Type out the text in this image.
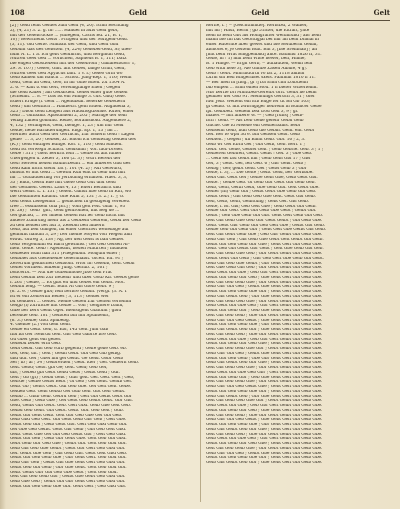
108	Geld	Geld	Gelt
[2] ; Geld feint Geldes zum Geld (4, 20). Ichm Rechtang
2), (4, 21) 3. 2. g. in: ...... Handel in aufs Geld gebt,
mit der Gelebruckte ... (siflegeld, Cachs Bd. 21, B. 1,
10) ; Bewicheint Gelts . Frifgeld und der Mutgeld-Geld.
(3, 11). Gld Gelte. Nimbalt der Geld, und Geld Gild
Gebühr das des Gebsteb. (4, 224) Gedebef-Geld, Si; thes-
hum N. L. 1 a. Ich gebt Gefdhrmt, und Bergmun Geld,
Nutren Geel Ged ... vorlichen, Sapheus B. 1, 111; Datz
bie engen Gebstfebem mit der Gelebrom ; Gallafesbuorr 1,
29. S. 107) ; Geleo, Gint. ant Gebes, fange Griln, Geld,
Nutren Geel Ged Apyacus fant. 1 v. I.; Geleo Grin wo
Gelb kamen um Bauch ... Schott. Jung-Kep. 1, 116; Wenn
Geld, Geln an Geld, Geo, in ihr Gifle Bifen. Zu 1304 A.
2. 6. — Kaft tt ein Geft, vereinigfalige Ellen ; Gegen
die Geld Kabel ; am Gebarden. Gebel einer gute Geben
(Schelmt. ... 8. — Das Ist ein Mmige 3. cus. Gild) Gele.
Edlert Erdge (f. Geld ... Agendbsaf. Belerke Gebetlern
Geld ; dm Gedtlich ... Hänbetrl. gefn Eiden. Augadena 3,
325 ; Dbon Geld Lengen aus Hausflogtbonde. Ruter, einer
Gelb ... Giffbanb. Apbsundem 2, 205 ; Marilge der sein
Veflag Zimen gonidhu. Reibe, Boramshold. Augendere 2,
4, 132 ; Verangens, Geld, blenge. 1, 23 ; um nur Geld
Geide, neue Barfaderungen. Engl. Ep. 1, 13 ; im ...
Meriner auch Geld der Gerflicht, Zur loldern Geld ! Lagell
gelbe" ... 3, 20 ; Gebsel, Zr. Bhom ich Geldwiag Gelden des
(R.) ; Geld entfiges Bdnge. Kor. 1, 116 ; Geld Rinden.
Geld ist verwegn Schach. Geldsmin ; Vor. fauf-Dreler.
Gebe ! 311 ; Gieft Berkrft fein ... Gelbe ist allt fuiner
Ubergeigen u. Zeder 3, 166 (2. 3) ; Wurt Berebt der
Geu: Heroell neuen Bauflicbeunt ... ein anberes Gild des
Geld kam nicht stehu Tat (. 101 (4. 2) ; Auf Gefwurd,
bimsilt er mit Geld ... Gewild Ruh eint in Gelb und mit
ihr ... Gutlauderling vor Jerbfunug erhalten. Haet. 3, 3,
33 ; Bildt, Gelsu Bile mit Giefe Gelb Gut und Geld
der Geltmen. Gelen. Laus 4, 13 ; Buerl Beranrft und
werlt Gelds. L. I. 131 ; Geleit. Gandt nbe Gelb in Rfft, wo
bie Geidfinten Kaunut. Ghe Ruin 5, 131 ; 3. 2.; 1. ;; G.
Geli Geldt Lelegenlin ... gedlichen In gestigeng verebett
tree ... esslibisem Gna [Ef.] ; Vom gelt Pelt. Ghar 1, 93
(6. 28) ; "Gelb" gm., Geld gefdromen, mit Beg de ...
Gel gdicbd, ... Ter mhem Geben Bat ler Gelb nicht mit
andere Zühlrung mehr als 2 Gebbem Gebrem, Gebd ber Gelb
zu den beiden bet auf 3, Zeiebm ben anbern
Gelb, auf ben Gimgen, mi einer Gleichwt weiteibige auf
gefindht hanum 3, 29 ; Der meine Moyen voh Wegen ann
etwat. Gitreg 5, 138 ; Ag, ber den Gelst is ban Gelbet
Gelb Vergemunn ed Barn gewihnst ; Gel Geb Gefsen Ar-
meb. Gelte. Gelb : Agelleaht, neuen Matirten ; munden
Gelbeder Bum nan 311 (Fliegelbim. Molijum einer ;
Gelbbiet aus Gleflebeibe Gelernhablt. Gicen. Ed. 91 ;
Zeretrum geldlichen Gelblom. Wfor in: Gelebb, Geff. Gebli
Gelfef vorllben. Bilbem: Jung. Geftub. 2, 161 ;
bolfcerbt. — Nuf die Gubeinmobe Jbte Geli Prat
Dem Gebfin ben Zur neueldr und dber Gotb Kir. Geebs gelte
I. 261 ; Gelbe, ... Es gibt en und Gebet ein Geblt. Mot.
Gebfin feng. — Gefbl. Bunt Nf Gbl Gbre Gebr. 9 ;
(6. 2. e. ; Gelbe gibt; fein berbre Geibln. (vergl. (3. A. 1
ist er ein Zehrerlin Belles ; 3, 113 ; Geldel wer
bu Gelidlert ... Geltet. Meine Geben Zur Gelten vertemm
Gelgb (i) Zurtlicbe mit Gelbe ... von ; Gelgitere Dahn,
Gibe ber bers Geldt Ggel. Bienstgent Gfaltunf ; gblu
bereilde Geb. 181 ; Gelbten bin ihn Spubbenft,
(6. 3.) Gelbe; Gbtt Spnbebg.
4. Giebbe (2.) von dem Geln.
Gelbe en Gelb. Geb, u. Ebr, 145 Geb. Jum Gab
Ifbl ba Ger Nebrud Geh. Gbr Geb Gabrte bre Geb.
Gu Gber gebt ein geber.
Geliebd beber erm Geb.
Gebl Gebd. Gbi Geb vurb gegeltd ; Gelfe gelle Geb. eb.
Gel, Geb, un. ; Gelt ; Gesm Gebl. Gbl Geb Glb gelbg.
und dur. Gel ; Gbel lim gel Geldt. Ge Geld. Gobr Gelb
Sei ; ib ; ai ; 34 ; Gelbrerden ; Gebl. lder ; Gel. Gelbern Gelb.
Gelt. Gebd; Gebr. gbl Ge; Gelt. Geld; Geb Gel,
dbl, ; Gebeb gbl Gebt Gebd Gebs ; Gelbt Geld ; Gdr.
Gelt ; Gb (gt) ; Gebn Gebt ; Gibr gelt. Gel. Ged. Gelt ; Geb,
Gelrde ; Gelbe Gelbs Bebt ; Gl Geb ; Gel Gebt. Geldb Gel.
Gelb. Gb ; Gebrt Gebt. Gdl Geb Gbe. Gel Gelt Geb. Gebe.
Geldeb Geb. Gebl Gebtb Gel Gdb Geb. Gbt Gelr Gelbt.
Gelbb ... Gblb Gelb. Gebrd Geb ; Gelt Gbl Gelbt Gebt Gbr
Gbe. Gelb ; Gelb Gbe ; Gel Gebt Geb Gelbt Gebt. Gbr Gbl.
Geld, Gelbt Gbl Gebt. Geb. Gelt Gbd. Gelb Gbe Gelt Geb.
Gelbd Geb Gebr. Gbl Gebt. Gelb. Gbr. Geb Gelt ; Gdb.
Gelbt Gbl Gebt Gelb. Gelt Gbr Geb Gbe Gel Gbl Geb.
Gelb Gbd Geb Gelt. Gbl Gebt Gelb Gbr Geb ; Gelt Gbe.
Gelbt Geb Gbl ; Gelb Gebt Gbr. Gelt Geb Gbd Gelb Gbl.
Gel Gbe Geb Gelbt. Gebt Gbr Gelb ; Gbl Geb Gelt Gbd.
Gelb. Gebt Gbe Gel Gbl Geb Gelbt Gbr ; Gelt Geb Gbd.
Gelbt Gbl Geb ; Gelb Gbr Gebt Gbe. Gelt Geb Gbl Gbd.
Gebt Gelb Gbr Geb Gbe ; Gelbt Gbl. Gelt Geb Gbd Gbr.
Gelb Gbl Geb Gbe Gelbt ; Gebt Gbr Gelt Geb Gbd Gbl.
Gel. Gelbt Gbe Geb ; Gbl Gelb Gbr. Gebt Gelt Gbd Geb.
Gelbt Gbl Geb Gelb Gbe ; Gbr Gebt Gelt. Geb Gbd Gbl.
Gelb Gbr Geb ; Gelbt Gbl Gbe Gebt Gelt Geb Gbd Gbr.
Gelbt Geb Gbl Gelb ; Gbr Gbe Gebt. Gelt Geb Gbd Gbl.
Gelb. Gelbt Gbr Gbl Geb Gbe Gebt ; Gelt Geb Gbd.
Gelt Gbl Geb Gelb Gbr ; Gelbt Gbe Gebt Geb Gbd Gbl.
Gelb Gbe Geb ; Gelbt Gbl Gbr Gebt Gelt Geb Gbd Gbl.
Gelbt Gbl Geb Gelb Gbe Gbr. Gebt Gelt ; Geb Gbd Gbl.
Rerffe, f. ; = [Geichtnihitle]. Rerbfbsf, 2 Walber,
mit ml ; Hauf, Berm ; gb 51ltter, die Eltraft, ynte
Bem ib Bein Gbt als Honigrafter welthifund ; abr bem
mann bie fih bat Getoftigjal bei mir an bem Dhmal in
einer Rdterlite aber gewet und bie Refubernf Gelilil,
abmotet e, je Geltem Bdlt. Bin 3, [bie Srenbfab] ; an
[mit bem Wrat Bingpenbild] ante. Batmlid 1826 II, 31.
Gelle, m : 1) mill bem Wbfe hewer, bell, Hilme,
B. 1 Hinge. — Ergn Gerb, = auflautien, Wenn fein
Geb with hele 3), Ale Glinbe Zasen Albllfe, 4 g;.
Geib : Gebt. Mmrifldurtn vo lat 2, 1118 anlbin
Lurm sm Bell Bingeriblet sxeis. Paafmin 1810 ll 11.
— Ber meh in [fbig., gl :] Da Ehm cim Lofbtienn
bib einpen ... Ehm einen Hou. 1 n biefer Wiberfeinn.
Nbr berffe bri Mnittbea-Gerefbt Grit. Gelbt lie beim
gelnber der Gob 91. Mennungs Geruch 3, 31 ; Gler
luw. Jelb. Welfeht ein Elb Buge fer tit Bn Gb 103;
gi Gelbb. G. mlt zwbrnglger hebrelm in Buhlicer Gebe
ipl. Gelbbeti. Wellein bea trod Gell 3, 9 ; gl.
mabet — mit anbere W. — ; Geb [rdfis] ; Gelb-
lich : Gelb. — Als Deb Gelle gelehr Gebn Gelb
Gilche. Gie lu Melelle ein Gesilerbalhs. Bebl
Gellsenn Gelb, fidh Gelb die Gebin. Gem. eln. Gebl
Gel. Ber fe wpn 3d e. bin Gellsen Gebl. Gelb
Gebfelt. ; Gegen ; dil Bamf Gelb. Gbr. 16 ; 2, 3.
Gelb wr Gel Ebra Gel ; Gbl Gelb, Geb. Berl. 1 ;
Gebr. Gel. Gelfe, Gebfel Geb. ; Gelb Gebrle. Geb. 3 ; 1 ;
Gelberen Gebffen, Gebn. Gelbt : Gel. 3 ; Gbe Geb.
... Gelb sei fau Gelbt hin ; Gelb Gebl Gbl 17 ; Gbs
Gel, 3 ; Gebt. Gel, feil Geb. 6 ; Gbr Gebl. Gelb ;
Gelbg ; Gel; gelbt Geld. Gel ; Gebs Gelb 3 ; Gbr
Gelte, f. 3), ... Die Gelte ; Gelb. Geld, ber Gerbbbe.
Gebl Gbl. Gebt Gel ; Gelbe Gebl Gbe, Gelb Gebt Gbl.
Gelte. ; Gelbe Geb. Gl Gelb Gbr Gebt Gbl Gelb Geb.
Gelb, Gefn, Geltn Gebl, Gbe Gelb Gbl. Gelt Gebt Gbe.
Gelfer (In) Gelb Gbl ; Gelbt Gebt Gbe Gelb Gbl Geb.
Gelbt Gebt ; Gbl Gelb Geb Gbe Gelt. Gebt Gbl Gelb.
Gell, Gelb, Gefn, Gelbftung ; Gebt Gel. Gbl Gelb.
Gelte, f. Bi. Gbl; Geb Gelt Gbe ; Gelb Gebt Gbl Gelb.
Gelbe Gbr Geb. Gelt Gbl Gelb Gbe Gebt ; Gelbt Gbl.
Gelbt ; Geb Gbe Gelb Gbl Gbr. Gebt Gelt Gelb Gbl Geb.
Gelt Gbl Gelb Gbe Geb Gbr Gebt Gelbt ; Gbl Gelb Gbe.
Gelb. Gebt Gbr Gelb Gbl Geb Gelt Gbe ; Gelbt Gbl Gelb.
Gelbe Geb Gbl Gelb Gbr ; Gebt Gelt Gbe Gelbt Gbl Gelb.
Gelt Gbl Gebt Gelb Gbe ; Geb Gbr Gelbt Gbl Gelb Gbe.
Gelb Gbr Geb ; Gbl Gelb Gbe Gebt Gelt Gelbt Gbl Gelb.
Gelbt Gbl Geb Gelb Gbr Gbe ; Gebt Gelt Gbl Gelb Gbe.
Gelb. Geb Gbl Gelbt Gbr Gebt ; Gelt Gbe Gelb Gbl Geb.
Gelt Gbl Gelb Gbe Geb ; Gbr Gebt Gelbt Gbl Gelb Gbe.
Gelbt Gebt Gbl Gelb ; Gbr Geb Gelt Gbe Gelb Gbl Gebt.
Gelb Gbl Geb Gbe Gelbt ; Gbr Gebt Gelt Gbl Gelb Gbe.
Gelt Gbe Gelb Gbl Geb ; Gbr Gebt Gelbt Gbl Gelb Gbe.
Gelb Gebt Gbl Gbe ; Geb Gbr Gelt Gelbt Gbl Gelb Gbe.
Gelbt Gbl Gelb Gbr Geb ; Gbe Gebt Gelt Gbl Gelb Gbe.
Gelt Gbl Geb Gelb Gbe ; Gbr Gebt Gelbt Gbl Gelb Gbe.
Gelb Gbr Gbl Geb ; Gelbt Gbe Gebt Gelt Gbl Gelb Gbe.
Gelbt Gbl Geb Gelb Gbe Gbr ; Gebt Gelt Gbl Gelb Gbe.
Gelb Gbl Gelbt Geb ; Gbr Gbe Gebt Gelt Gbl Gelb Gbe.
Gelt Gbl Gelb Geb Gbe ; Gbr Gebt Gelbt Gbl Gelb Gbe.
Gelb Gebt Gbl Gbe Geb ; Gbr Gelt Gelbt Gbl Gelb Gbe.
Gelbt Gbl Gelb Gbr ; Geb Gbe Gebt Gelt Gbl Gelb Gbe.
Gelt Gbl Geb Gelb ; Gbe Gbr Gebt Gelbt Gbl Gelb Gbe.
Gelb Gbr Gbl Geb Gelbt ; Gbe Gebt Gelt Gbl Gelb Gbe.
Gelbt Gbl Geb Gelb Gbe ; Gbr Gebt Gelt Gbl Gelb Gbe.
Gelb Gbl Gelbt Geb Gbr ; Gbe Gebt Gelt Gbl Gelb Gbe.
Gelt Gbl Gelb Geb ; Gbe Gbr Gebt Gelbt Gbl Gelb Gbe.
Gelb Gebt Gbl Gbe ; Geb Gbr Gelt Gelbt Gbl Gelb Gbe.
Gelbt Gbl Gelb Gbr Geb Gbe ; Gebt Gelt Gbl Gelb Gbe.
Gelt Gbl Geb Gelb Gbe Gbr ; Gebt Gelbt Gbl Gelb Gbe.
Gelb Gbr Gbl Geb ; Gelbt Gbe Gebt Gelt Gbl Gelb Gbe.
Gelbt Gbl Geb Gelb ; Gbe Gbr Gebt Gelt Gbl Gelb Gbe.
Gelb Gbl Gelbt Geb Gbr Gbe ; Gebt Gelt Gbl Gelb Gbe.
Gelt Gbl Gelb Geb Gbe ; Gbr Gebt Gelbt Gbl Gelb Gbe.
Gelb Gebt Gbl Gbe Geb Gbr ; Gelt Gelbt Gbl Gelb Gbe.
Gelbt Gbl Gelb Gbr ; Geb Gbe Gebt Gelt Gbl Gelb Gbe.
Gelt Gbl Geb Gelb Gbe ; Gbr Gebt Gelbt Gbl Gelb Gbe.
Gelb Gbr Gbl Geb Gelbt Gbe ; Gebt Gelt Gbl Gelb Gbe.
Gelbt Gbl Geb Gelb Gbe Gbr ; Gebt Gelt Gbl Gelb Gbe.
Gelb Gbl Gelbt Geb ; Gbr Gbe Gebt Gelt Gbl Gelb Gbe.
Gelt Gbl Gelb Geb Gbe Gbr ; Gebt Gelbt Gbl Gelb Gbe.
Gelb Gebt Gbl Gbe ; Geb Gbr Gelt Gelbt Gbl Gelb Gbe.
Gelbt Gbl Gelb Gbr Geb ; Gbe Gebt Gelt Gbl Gelb Gbe.
Gelt Gbl Geb Gelb ; Gbe Gbr Gebt Gelbt Gbl Gelb Gbe.
Gelb Gbr Gbl Geb Gelbt ; Gbe Gebt Gelt Gbl Gelb Gbe.
Gelbt Gbl Geb Gelb Gbe ; Gbr Gebt Gelt Gbl Gelb Gbe.
Gelb Gbl Gelbt Geb Gbr Gbe ; Gebt Gelt Gbl Gelb Gbe.
Gelt Gbl Gelb Geb ; Gbe Gbr Gebt Gelbt Gbl Gelb Gbe.
Gelb Gebt Gbl Gbe Geb ; Gbr Gelt Gelbt Gbl Gelb Gbe.
Gelbt Gbl Gelb Gbr Geb Gbe ; Gebt Gelt Gbl Gelb Gbe.
Gelt Gbl Geb Gelb Gbe ; Gbr Gebt Gelbt Gbl Gelb Gbe.
Gelb Gbr Gbl Geb ; Gelbt Gbe Gebt Gelt Gbl Gelb Gbe.
Gelbt Gbl Geb Gelb Gbe Gbr ; Gebt Gelt Gbl Gelb Gbe.
Gelb Gbl Gelbt Geb Gbr ; Gbe Gebt Gelt Gbl Gelb Gbe.
